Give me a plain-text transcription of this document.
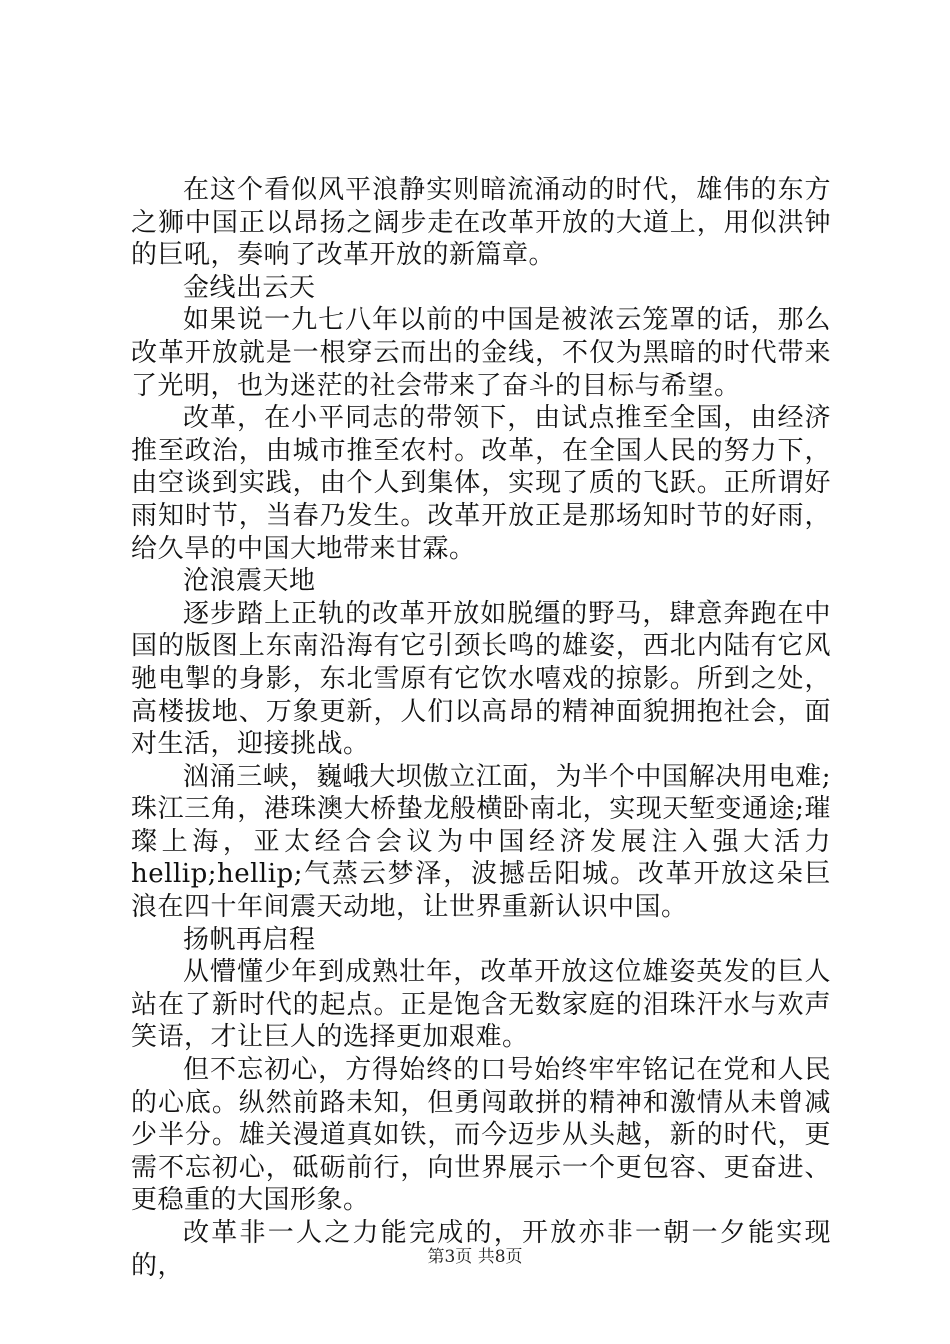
在这个看似风平浪静实则暗流涌动的时代，雄伟的东方之狮中国正以昂扬之阔步走在改革开放的大道上，用似洪钟的巨吼，奏响了改革开放的新篇章。

金线出云天

如果说一九七八年以前的中国是被浓云笼罩的话，那么改革开放就是一根穿云而出的金线，不仅为黑暗的时代带来了光明，也为迷茫的社会带来了奋斗的目标与希望。

改革，在小平同志的带领下，由试点推至全国，由经济推至政治，由城市推至农村。改革，在全国人民的努力下，由空谈到实践，由个人到集体，实现了质的飞跃。正所谓好雨知时节，当春乃发生。改革开放正是那场知时节的好雨，给久旱的中国大地带来甘霖。

沧浪震天地

逐步踏上正轨的改革开放如脱缰的野马，肆意奔跑在中国的版图上东南沿海有它引颈长鸣的雄姿，西北内陆有它风驰电掣的身影，东北雪原有它饮水嘻戏的掠影。所到之处，高楼拔地、万象更新，人们以高昂的精神面貌拥抱社会，面对生活，迎接挑战。

汹涌三峡，巍峨大坝傲立江面，为半个中国解决用电难;珠江三角，港珠澳大桥蛰龙般横卧南北，实现天堑变通途;璀璨上海，亚太经合会议为中国经济发展注入强大活力hellip;hellip;气蒸云梦泽，波撼岳阳城。改革开放这朵巨浪在四十年间震天动地，让世界重新认识中国。

扬帆再启程

从懵懂少年到成熟壮年，改革开放这位雄姿英发的巨人站在了新时代的起点。正是饱含无数家庭的泪珠汗水与欢声笑语，才让巨人的选择更加艰难。

但不忘初心，方得始终的口号始终牢牢铭记在党和人民的心底。纵然前路未知，但勇闯敢拼的精神和激情从未曾减少半分。雄关漫道真如铁，而今迈步从头越，新的时代，更需不忘初心，砥砺前行，向世界展示一个更包容、更奋进、更稳重的大国形象。

改革非一人之力能完成的，开放亦非一朝一夕能实现的，	第3页 共8页
